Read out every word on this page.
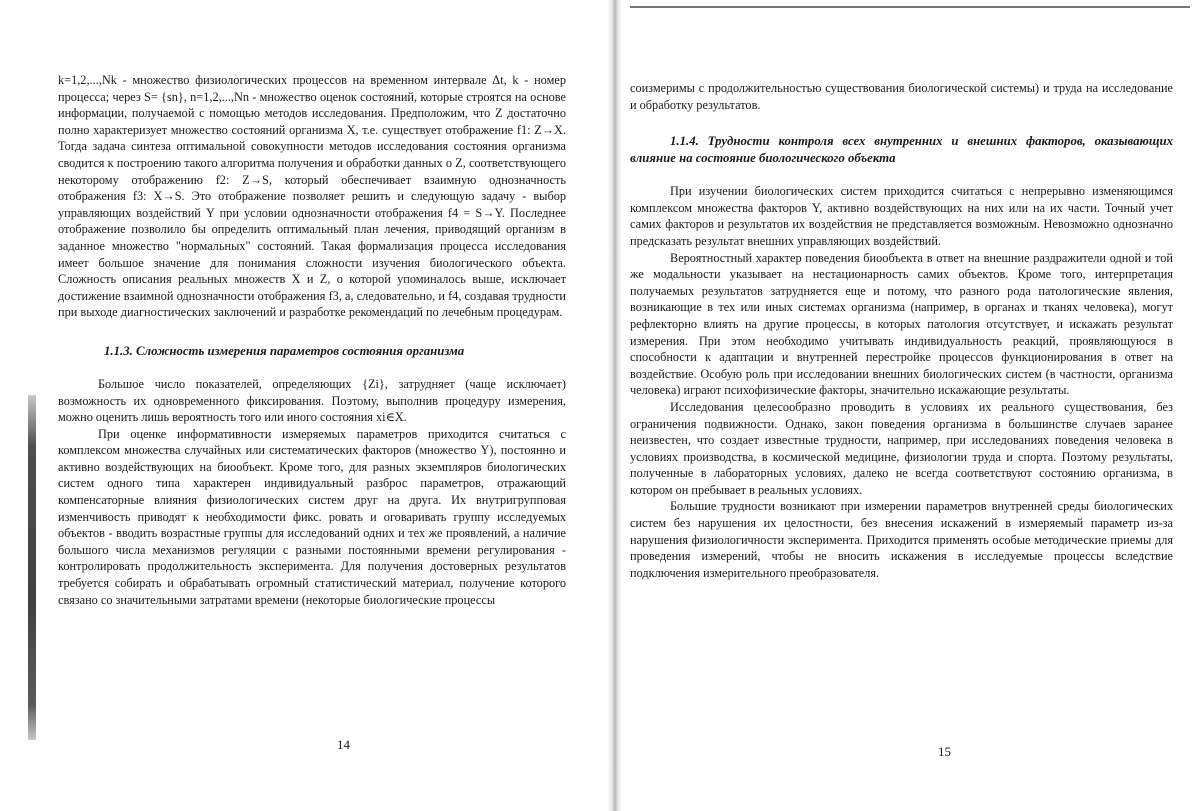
k=1,2,...,Nk - множество физиологических процессов на временном интервале Δt, k - номер процесса; через S= {sn}, n=1,2,...,Nn - множество оценок состояний, которые строятся на основе информации, получаемой с помощью методов исследования. Предположим, что Z достаточно полно характеризует множество состояний организма X, т.е. существует отображение f1: Z→X. Тогда задача синтеза оптимальной совокупности методов исследования состояния организма сводится к построению такого алгоритма получения и обработки данных о Z, соответствующего некоторому отображению f2: Z→S, который обеспечивает взаимную однозначность отображения f3: X→S. Это отображение позволяет решить и следующую задачу - выбор управляющих воздействий Y при условии однозначности отображения f4 = S→Y. Последнее отображение позволило бы определить оптимальный план лечения, приводящий организм в заданное множество "нормальных" состояний. Такая формализация процесса исследования имеет большое значение для понимания сложности изучения биологического объекта. Сложность описания реальных множеств X и Z, о которой упоминалось выше, исключает достижение взаимной однозначности отображения f3, а, следовательно, и f4, создавая трудности при выходе диагностических заключений и разработке рекомендаций по лечебным процедурам.

1.1.3. Сложность измерения параметров состояния организма

Большое число показателей, определяющих {Zi}, затрудняет (чаще исключает) возможность их одновременного фиксирования. Поэтому, выполнив процедуру измерения, можно оценить лишь вероятность того или иного состояния xi∈X.

При оценке информативности измеряемых параметров приходится считаться с комплексом множества случайных или систематических факторов (множество Y), постоянно и активно воздействующих на биообъект. Кроме того, для разных экземпляров биологических систем одного типа характерен индивидуальный разброс параметров, отражающий компенсаторные влияния физиологических систем друг на друга. Их внутригрупповая изменчивость приводят к необходимости фикс. ровать и оговаривать группу исследуемых объектов - вводить возрастные группы для исследований одних и тех же проявлений, а наличие большого числа механизмов регуляции с разными постоянными времени регулирования - контролировать продолжительность эксперимента. Для получения достоверных результатов требуется собирать и обрабатывать огромный статистический материал, получение которого связано со значительными затратами времени (некоторые биологические процессы

14

соизмеримы с продолжительностью существования биологической системы) и труда на исследование и обработку результатов.

1.1.4. Трудности контроля всех внутренних и внешних факторов, оказывающих влияние на состояние биологического объекта

При изучении биологических систем приходится считаться с непрерывно изменяющимся комплексом множества факторов Y, активно воздействующих на них или на их части. Точный учет самих факторов и результатов их воздействия не представляется возможным. Невозможно однозначно предсказать результат внешних управляющих воздействий.

Вероятностный характер поведения биообъекта в ответ на внешние раздражители одной и той же модальности указывает на нестационарность самих объектов. Кроме того, интерпретация получаемых результатов затрудняется еще и потому, что разного рода патологические явления, возникающие в тех или иных системах организма (например, в органах и тканях человека), могут рефлекторно влиять на другие процессы, в которых патология отсутствует, и искажать результат измерения. При этом необходимо учитывать индивидуальность реакций, проявляющуюся в способности к адаптации и внутренней перестройке процессов функционирования в ответ на воздействие. Особую роль при исследовании внешних биологических систем (в частности, организма человека) играют психофизические факторы, значительно искажающие результаты.

Исследования целесообразно проводить в условиях их реального существования, без ограничения подвижности. Однако, закон поведения организма в большинстве случаев заранее неизвестен, что создает известные трудности, например, при исследованиях поведения человека в условиях производства, в космической медицине, физиологии труда и спорта. Поэтому результаты, полученные в лабораторных условиях, далеко не всегда соответствуют состоянию организма, в котором он пребывает в реальных условиях.

Большие трудности возникают при измерении параметров внутренней среды биологических систем без нарушения их целостности, без внесения искажений в измеряемый параметр из-за нарушения физиологичности эксперимента. Приходится применять особые методические приемы для проведения измерений, чтобы не вносить искажения в исследуемые процессы вследствие подключения измерительного преобразователя.

15
